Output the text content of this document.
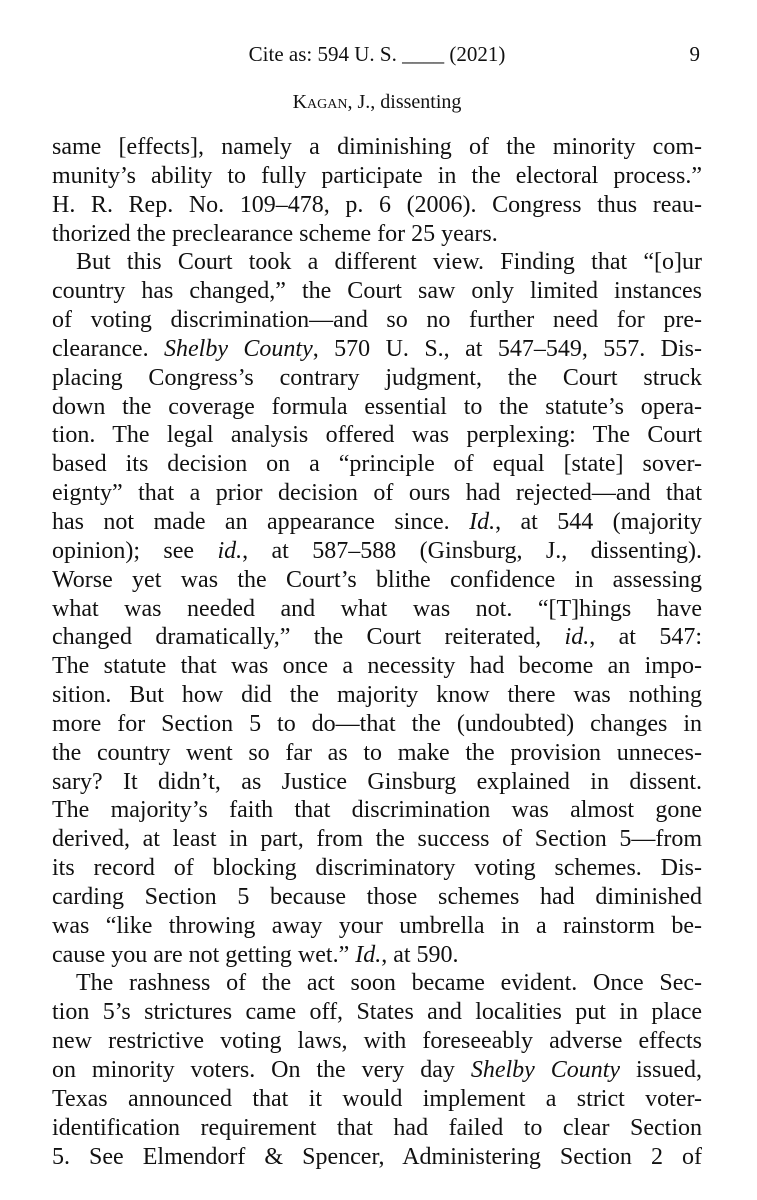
Cite as: 594 U. S. ____ (2021)	9
Kagan, J., dissenting
same [effects], namely a diminishing of the minority com-
munity’s ability to fully participate in the electoral process.”
H. R. Rep. No. 109–478, p. 6 (2006). Congress thus reau-
thorized the preclearance scheme for 25 years.
But this Court took a different view. Finding that “[o]ur
country has changed,” the Court saw only limited instances
of voting discrimination—and so no further need for pre-
clearance. Shelby County, 570 U. S., at 547–549, 557. Dis-
placing Congress’s contrary judgment, the Court struck
down the coverage formula essential to the statute’s opera-
tion. The legal analysis offered was perplexing: The Court
based its decision on a “principle of equal [state] sover-
eignty” that a prior decision of ours had rejected—and that
has not made an appearance since. Id., at 544 (majority
opinion); see id., at 587–588 (Ginsburg, J., dissenting).
Worse yet was the Court’s blithe confidence in assessing
what was needed and what was not. “[T]hings have
changed dramatically,” the Court reiterated, id., at 547:
The statute that was once a necessity had become an impo-
sition. But how did the majority know there was nothing
more for Section 5 to do—that the (undoubted) changes in
the country went so far as to make the provision unneces-
sary? It didn’t, as Justice Ginsburg explained in dissent.
The majority’s faith that discrimination was almost gone
derived, at least in part, from the success of Section 5—from
its record of blocking discriminatory voting schemes. Dis-
carding Section 5 because those schemes had diminished
was “like throwing away your umbrella in a rainstorm be-
cause you are not getting wet.” Id., at 590.
The rashness of the act soon became evident. Once Sec-
tion 5’s strictures came off, States and localities put in place
new restrictive voting laws, with foreseeably adverse effects
on minority voters. On the very day Shelby County issued,
Texas announced that it would implement a strict voter-
identification requirement that had failed to clear Section
5. See Elmendorf & Spencer, Administering Section 2 of
